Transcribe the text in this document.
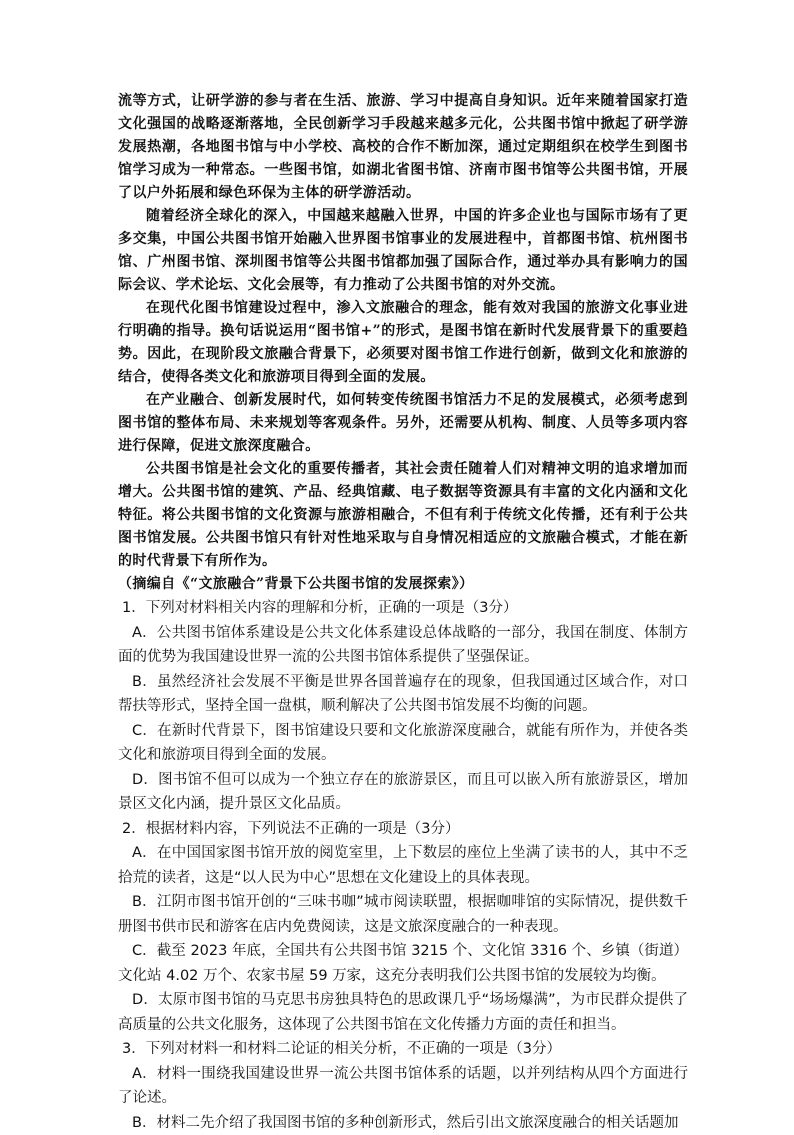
流等方式，让研学游的参与者在生活、旅游、学习中提高自身知识。近年来随着国家打造文化强国的战略逐渐落地，全民创新学习手段越来越多元化，公共图书馆中掀起了研学游发展热潮，各地图书馆与中小学校、高校的合作不断加深，通过定期组织在校学生到图书馆学习成为一种常态。一些图书馆，如湖北省图书馆、济南市图书馆等公共图书馆，开展了以户外拓展和绿色环保为主体的研学游活动。

随着经济全球化的深入，中国越来越融入世界，中国的许多企业也与国际市场有了更多交集，中国公共图书馆开始融入世界图书馆事业的发展进程中，首都图书馆、杭州图书馆、广州图书馆、深圳图书馆等公共图书馆都加强了国际合作，通过举办具有影响力的国际会议、学术论坛、文化会展等，有力推动了公共图书馆的对外交流。

在现代化图书馆建设过程中，渗入文旅融合的理念，能有效对我国的旅游文化事业进行明确的指导。换句话说运用“图书馆+”的形式，是图书馆在新时代发展背景下的重要趋势。因此，在现阶段文旅融合背景下，必须要对图书馆工作进行创新，做到文化和旅游的结合，使得各类文化和旅游项目得到全面的发展。

在产业融合、创新发展时代，如何转变传统图书馆活力不足的发展模式，必须考虑到图书馆的整体布局、未来规划等客观条件。另外，还需要从机构、制度、人员等多项内容进行保障，促进文旅深度融合。

公共图书馆是社会文化的重要传播者，其社会责任随着人们对精神文明的追求增加而增大。公共图书馆的建筑、产品、经典馆藏、电子数据等资源具有丰富的文化内涵和文化特征。将公共图书馆的文化资源与旅游相融合，不但有利于传统文化传播，还有利于公共图书馆发展。公共图书馆只有针对性地采取与自身情况相适应的文旅融合模式，才能在新的时代背景下有所作为。

（摘编自《“文旅融合”背景下公共图书馆的发展探索》）

1．下列对材料相关内容的理解和分析，正确的一项是（3分）

A．公共图书馆体系建设是公共文化体系建设总体战略的一部分，我国在制度、体制方面的优势为我国建设世界一流的公共图书馆体系提供了坚强保证。

B．虽然经济社会发展不平衡是世界各国普遍存在的现象，但我国通过区域合作，对口帮扶等形式，坚持全国一盘棋，顺利解决了公共图书馆发展不均衡的问题。

C．在新时代背景下，图书馆建设只要和文化旅游深度融合，就能有所作为，并使各类文化和旅游项目得到全面的发展。

D．图书馆不但可以成为一个独立存在的旅游景区，而且可以嵌入所有旅游景区，增加景区文化内涵，提升景区文化品质。

2．根据材料内容，下列说法不正确的一项是（3分）

A．在中国国家图书馆开放的阅览室里，上下数层的座位上坐满了读书的人，其中不乏拾荒的读者，这是“以人民为中心”思想在文化建设上的具体表现。

B．江阴市图书馆开创的“三味书咖”城市阅读联盟，根据咖啡馆的实际情况，提供数千册图书供市民和游客在店内免费阅读，这是文旅深度融合的一种表现。

C．截至 2023 年底，全国共有公共图书馆 3215 个、文化馆 3316 个、乡镇（街道）文化站 4.02 万个、农家书屋 59 万家，这充分表明我们公共图书馆的发展较为均衡。

D．太原市图书馆的马克思书房独具特色的思政课几乎“场场爆满”，为市民群众提供了高质量的公共文化服务，这体现了公共图书馆在文化传播力方面的责任和担当。

3．下列对材料一和材料二论证的相关分析，不正确的一项是（3分）

A．材料一围绕我国建设世界一流公共图书馆体系的话题，以并列结构从四个方面进行了论述。

B．材料二先介绍了我国图书馆的多种创新形式，然后引出文旅深度融合的相关话题加
